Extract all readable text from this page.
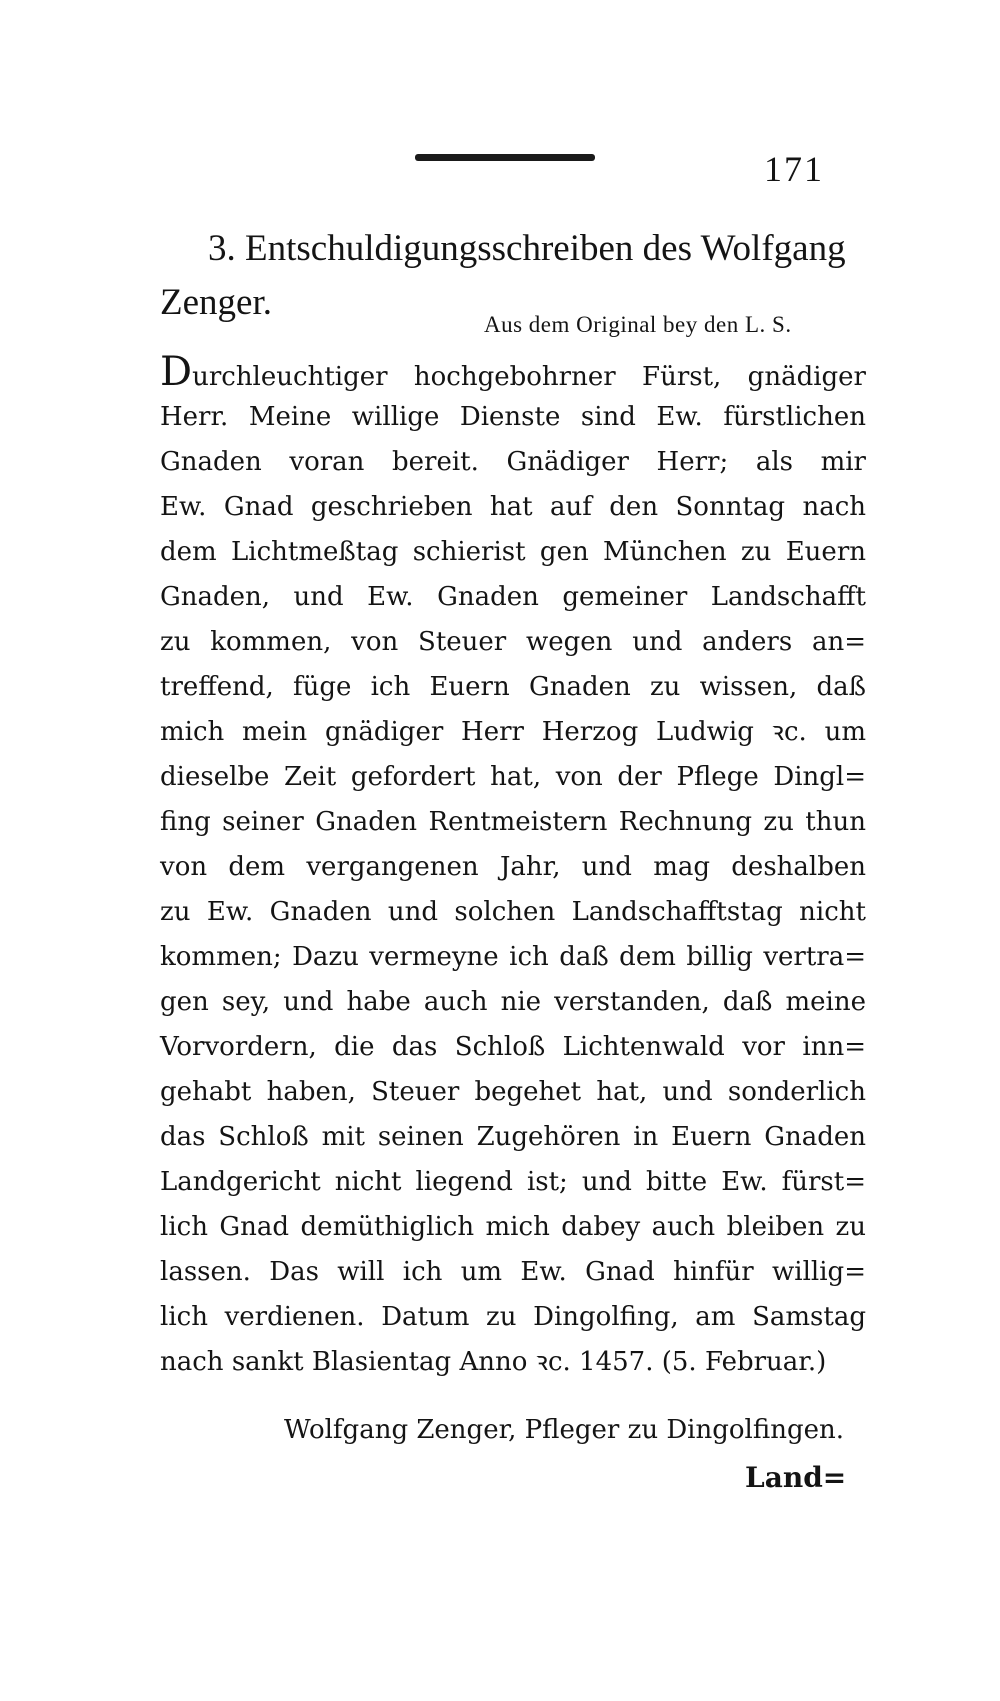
171
3. Entschuldigungsschreiben des Wolfgang
Zenger.
Aus dem Original bey den L. S.
Durchleuchtiger hochgebohrner Fürst, gnädiger
Herr. Meine willige Dienste sind Ew. fürstlichen
Gnaden voran bereit. Gnädiger Herr; als mir
Ew. Gnad geschrieben hat auf den Sonntag nach
dem Lichtmeßtag schierist gen München zu Euern
Gnaden, und Ew. Gnaden gemeiner Landschafft
zu kommen, von Steuer wegen und anders an=
treffend, füge ich Euern Gnaden zu wissen, daß
mich mein gnädiger Herr Herzog Ludwig ꝛc. um
dieselbe Zeit gefordert hat, von der Pflege Dingl=
fing seiner Gnaden Rentmeistern Rechnung zu thun
von dem vergangenen Jahr, und mag deshalben
zu Ew. Gnaden und solchen Landschafftstag nicht
kommen; Dazu vermeyne ich daß dem billig vertra=
gen sey, und habe auch nie verstanden, daß meine
Vorvordern, die das Schloß Lichtenwald vor inn=
gehabt haben, Steuer begehet hat, und sonderlich
das Schloß mit seinen Zugehören in Euern Gnaden
Landgericht nicht liegend ist; und bitte Ew. fürst=
lich Gnad demüthiglich mich dabey auch bleiben zu
lassen. Das will ich um Ew. Gnad hinfür willig=
lich verdienen. Datum zu Dingolfing, am Samstag
nach sankt Blasientag Anno ꝛc. 1457. (5. Februar.)
Wolfgang Zenger, Pfleger zu Dingolfingen.
Land=
